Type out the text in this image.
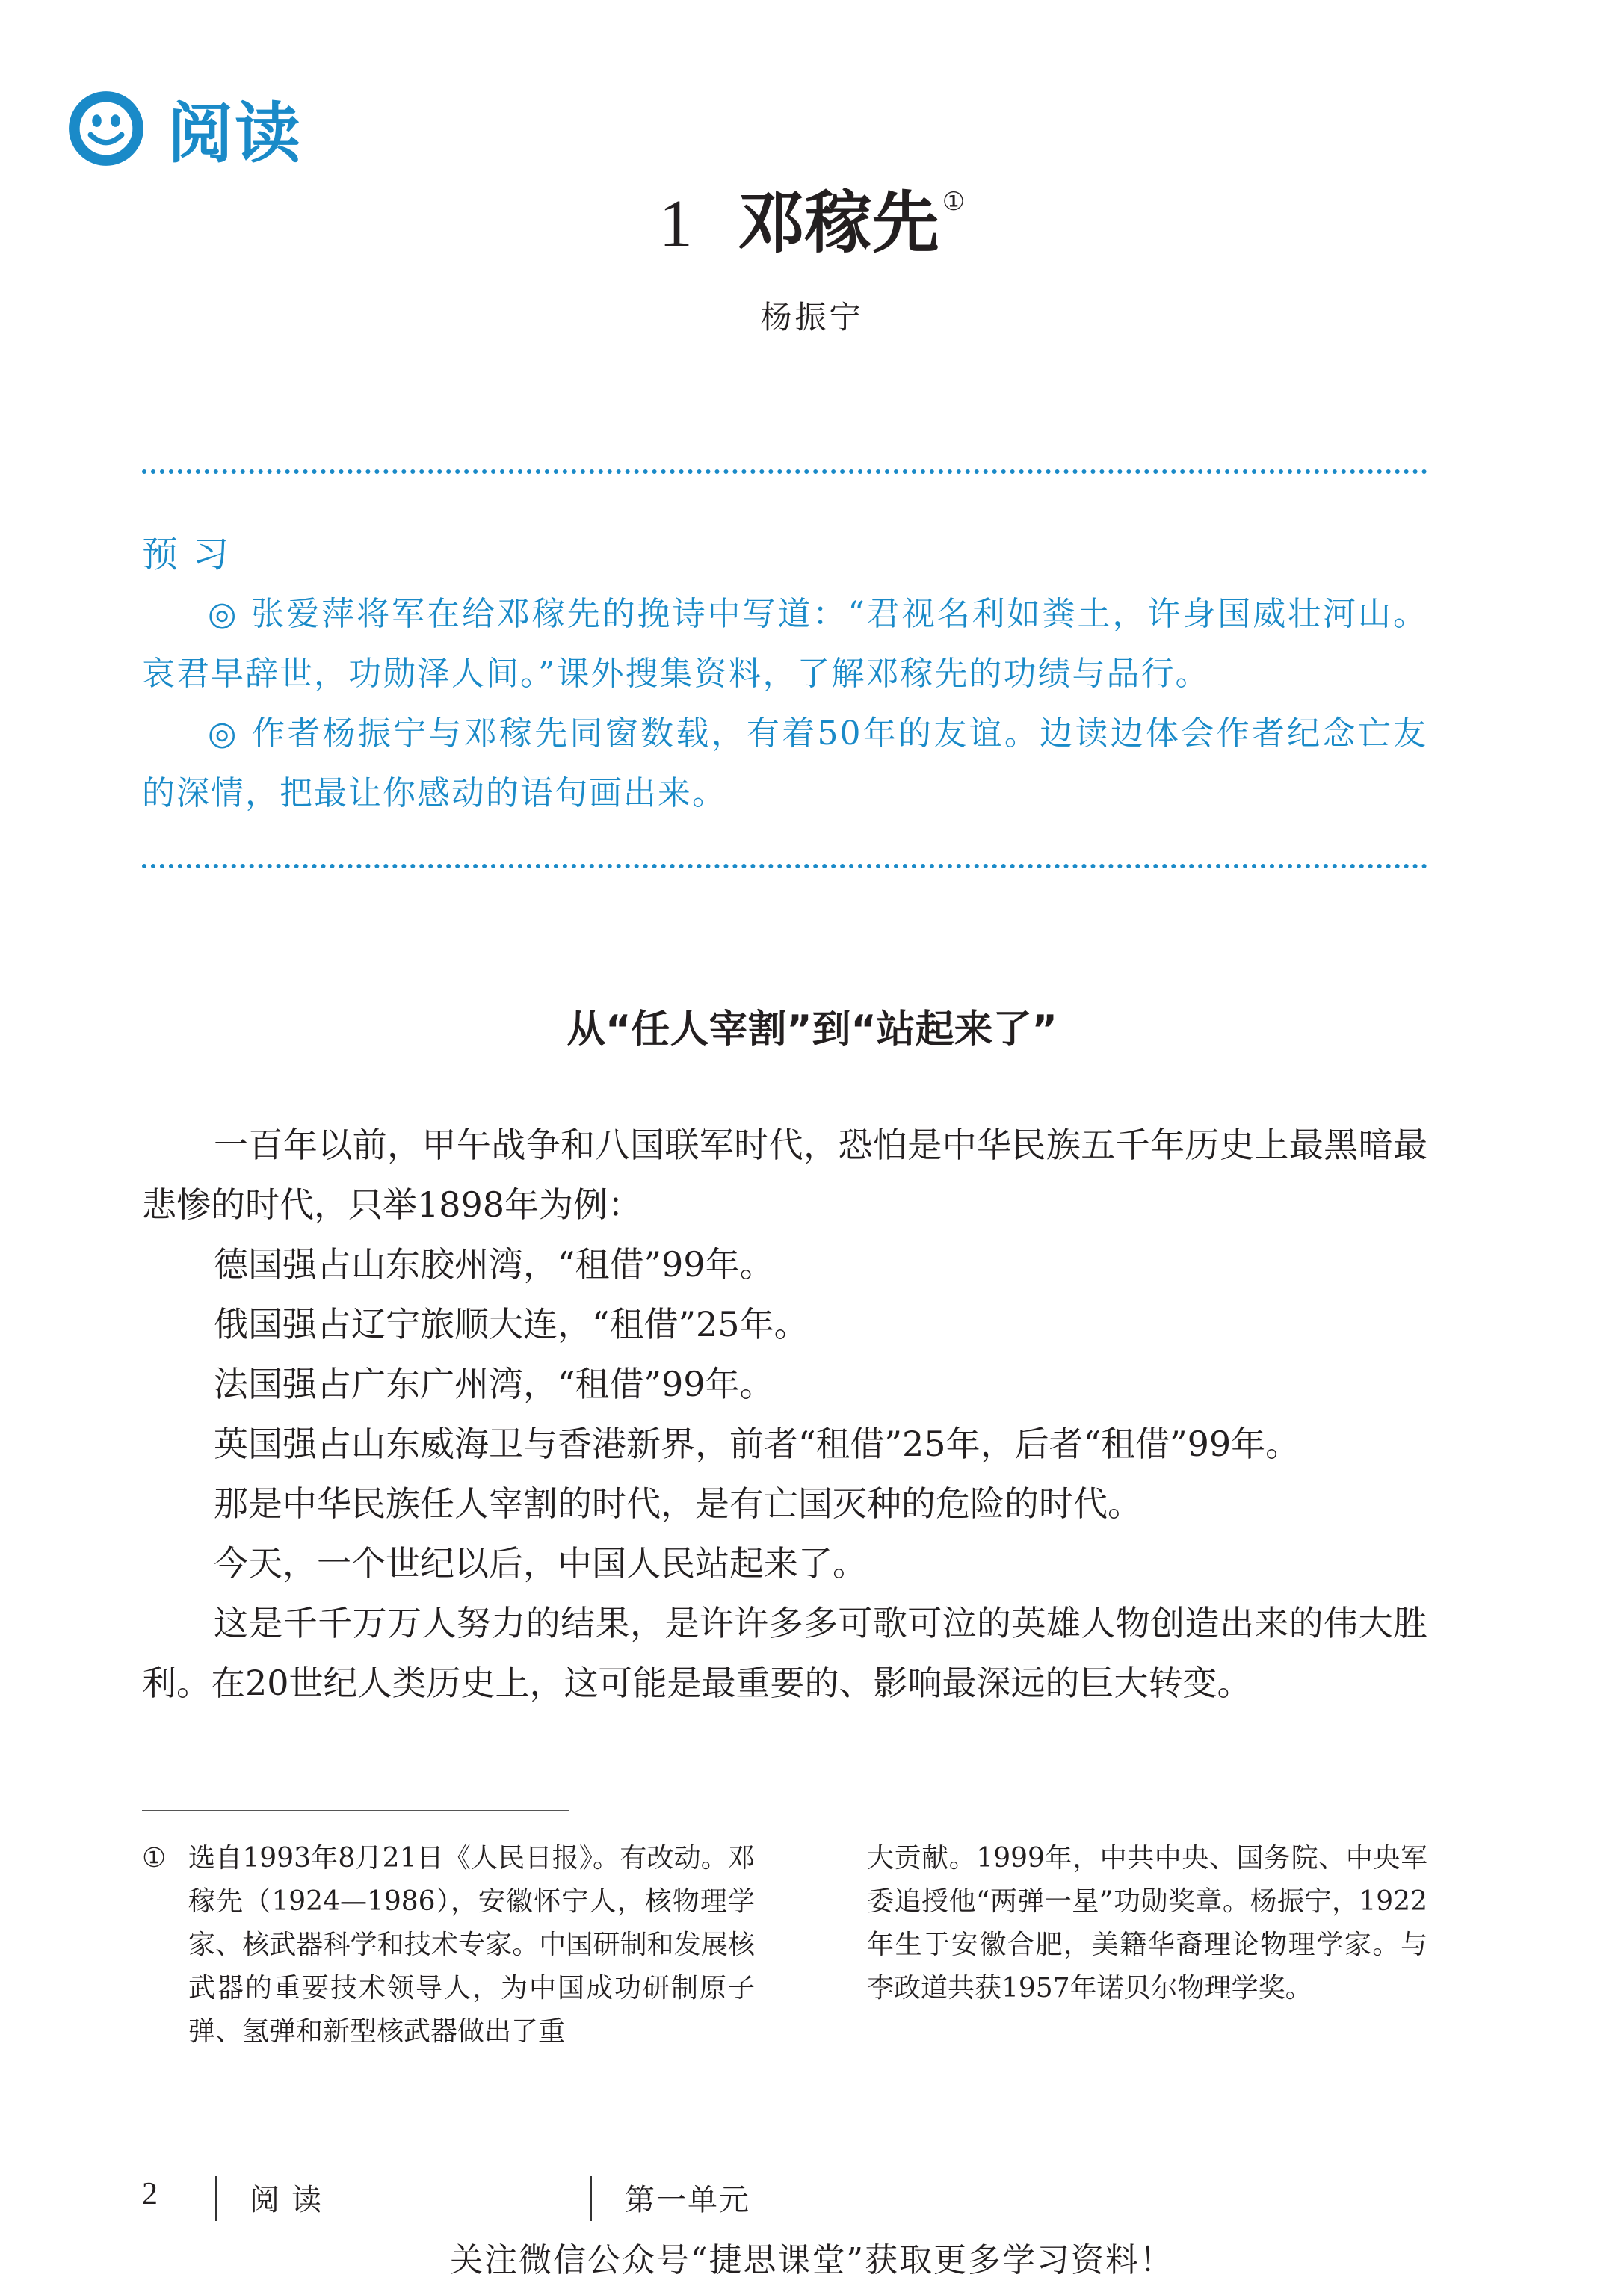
阅读
1 邓稼先 ①
杨振宁
预习

◎ 张爱萍将军在给邓稼先的挽诗中写道：“君视名利如粪土，许身国威壮河山。哀君早辞世，功勋泽人间。”课外搜集资料，了解邓稼先的功绩与品行。

◎ 作者杨振宁与邓稼先同窗数载，有着50年的友谊。边读边体会作者纪念亡友的深情，把最让你感动的语句画出来。

从“任人宰割”到“站起来了”

一百年以前，甲午战争和八国联军时代，恐怕是中华民族五千年历史上最黑暗最悲惨的时代，只举1898年为例：

德国强占山东胶州湾，“租借”99年。

俄国强占辽宁旅顺大连，“租借”25年。

法国强占广东广州湾，“租借”99年。

英国强占山东威海卫与香港新界，前者“租借”25年，后者“租借”99年。

那是中华民族任人宰割的时代，是有亡国灭种的危险的时代。

今天，一个世纪以后，中国人民站起来了。

这是千千万万人努力的结果，是许许多多可歌可泣的英雄人物创造出来的伟大胜利。在20世纪人类历史上，这可能是最重要的、影响最深远的巨大转变。

① 选自1993年8月21日《人民日报》。有改动。邓稼先（1924—1986），安徽怀宁人，核物理学家、核武器科学和技术专家。中国研制和发展核武器的重要技术领导人，为中国成功研制原子弹、氢弹和新型核武器做出了重
大贡献。1999年，中共中央、国务院、中央军委追授他“两弹一星”功勋奖章。杨振宁，1922年生于安徽合肥，美籍华裔理论物理学家。与李政道共获1957年诺贝尔物理学奖。
2	阅读	第一单元
关注微信公众号“捷思课堂”获取更多学习资料！
